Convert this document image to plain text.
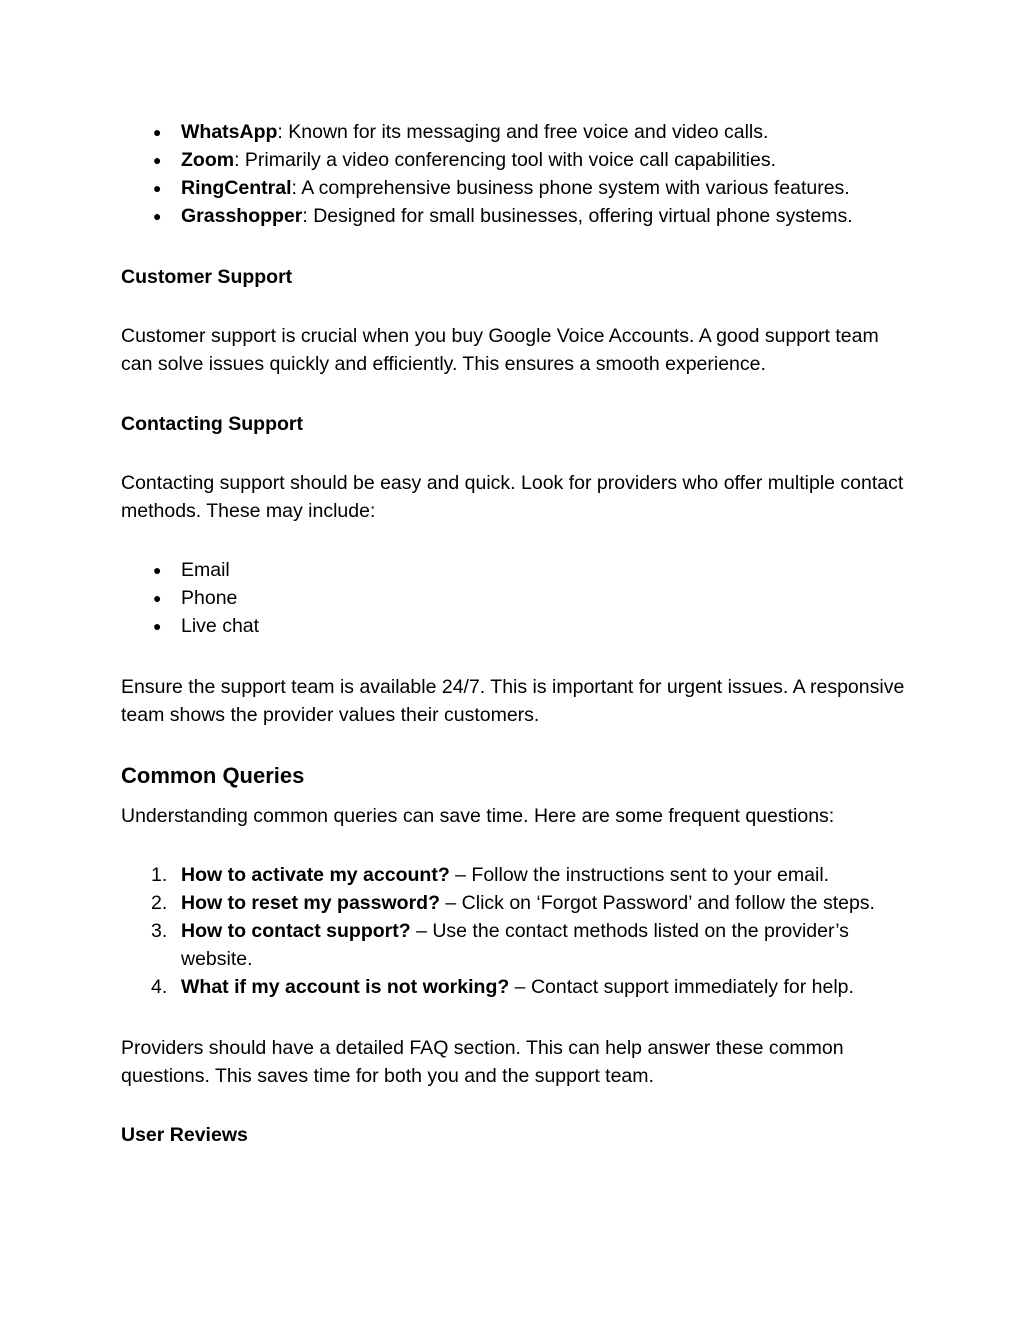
●	WhatsApp: Known for its messaging and free voice and video calls.
●	Zoom: Primarily a video conferencing tool with voice call capabilities.
●	RingCentral: A comprehensive business phone system with various features.
●	Grasshopper: Designed for small businesses, offering virtual phone systems.

Customer Support

Customer support is crucial when you buy Google Voice Accounts. A good support team can solve issues quickly and efficiently. This ensures a smooth experience.

Contacting Support

Contacting support should be easy and quick. Look for providers who offer multiple contact methods. These may include:

●	Email
●	Phone
●	Live chat

Ensure the support team is available 24/7. This is important for urgent issues. A responsive team shows the provider values their customers.

Common Queries

Understanding common queries can save time. Here are some frequent questions:

1. How to activate my account? – Follow the instructions sent to your email.
2. How to reset my password? – Click on ‘Forgot Password’ and follow the steps.
3. How to contact support? – Use the contact methods listed on the provider’s website.
4. What if my account is not working? – Contact support immediately for help.

Providers should have a detailed FAQ section. This can help answer these common questions. This saves time for both you and the support team.

User Reviews
